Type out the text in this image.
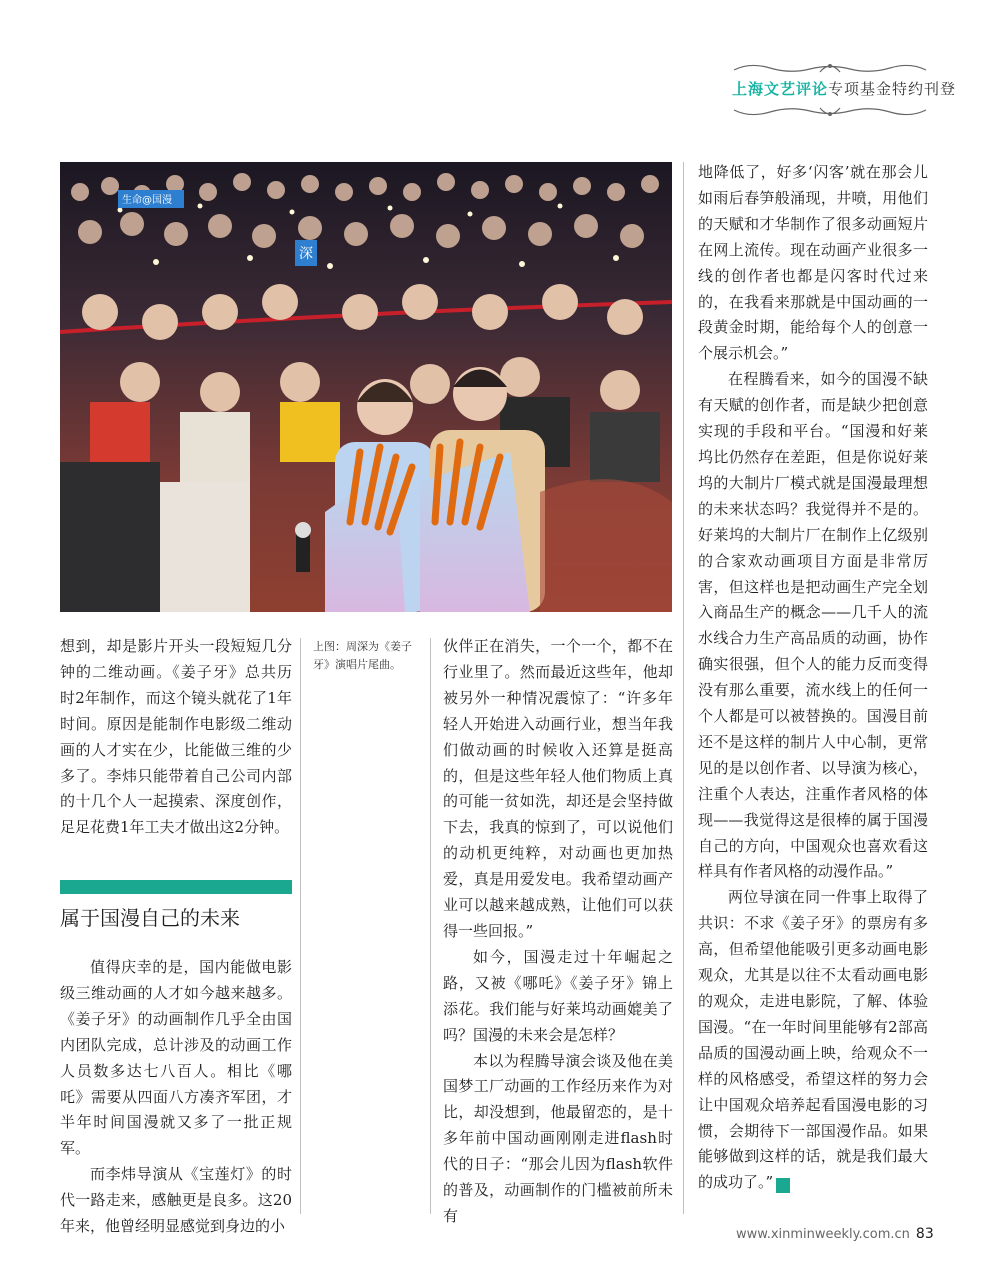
上海文艺评论专项基金特约刊登
生命@国漫
深
上图：周深为《姜子牙》演唱片尾曲。

想到，却是影片开头一段短短几分钟的二维动画。《姜子牙》总共历时2年制作，而这个镜头就花了1年时间。原因是能制作电影级二维动画的人才实在少，比能做三维的少多了。李炜只能带着自己公司内部的十几个人一起摸索、深度创作，足足花费1年工夫才做出这2分钟。

属于国漫自己的未来

值得庆幸的是，国内能做电影级三维动画的人才如今越来越多。《姜子牙》的动画制作几乎全由国内团队完成，总计涉及的动画工作人员数多达七八百人。相比《哪吒》需要从四面八方凑齐军团，才半年时间国漫就又多了一批正规军。

而李炜导演从《宝莲灯》的时代一路走来，感触更是良多。这20年来，他曾经明显感觉到身边的小

伙伴正在消失，一个一个，都不在行业里了。然而最近这些年，他却被另外一种情况震惊了：“许多年轻人开始进入动画行业，想当年我们做动画的时候收入还算是挺高的，但是这些年轻人他们物质上真的可能一贫如洗，却还是会坚持做下去，我真的惊到了，可以说他们的动机更纯粹，对动画也更加热爱，真是用爱发电。我希望动画产业可以越来越成熟，让他们可以获得一些回报。”

如今，国漫走过十年崛起之路，又被《哪吒》《姜子牙》锦上添花。我们能与好莱坞动画媲美了吗？国漫的未来会是怎样？

本以为程腾导演会谈及他在美国梦工厂动画的工作经历来作为对比，却没想到，他最留恋的，是十多年前中国动画刚刚走进flash时代的日子：“那会儿因为flash软件的普及，动画制作的门槛被前所未有

地降低了，好多‘闪客’就在那会儿如雨后春笋般涌现，井喷，用他们的天赋和才华制作了很多动画短片在网上流传。现在动画产业很多一线的创作者也都是闪客时代过来的，在我看来那就是中国动画的一段黄金时期，能给每个人的创意一个展示机会。”

在程腾看来，如今的国漫不缺有天赋的创作者，而是缺少把创意实现的手段和平台。“国漫和好莱坞比仍然存在差距，但是你说好莱坞的大制片厂模式就是国漫最理想的未来状态吗？我觉得并不是的。好莱坞的大制片厂在制作上亿级别的合家欢动画项目方面是非常厉害，但这样也是把动画生产完全划入商品生产的概念——几千人的流水线合力生产高品质的动画，协作确实很强，但个人的能力反而变得没有那么重要，流水线上的任何一个人都是可以被替换的。国漫目前还不是这样的制片人中心制，更常见的是以创作者、以导演为核心，注重个人表达，注重作者风格的体现——我觉得这是很棒的属于国漫自己的方向，中国观众也喜欢看这样具有作者风格的动漫作品。”

两位导演在同一件事上取得了共识：不求《姜子牙》的票房有多高，但希望他能吸引更多动画电影观众，尤其是以往不太看动画电影的观众，走进电影院，了解、体验国漫。“在一年时间里能够有2部高品质的国漫动画上映，给观众不一样的风格感受，希望这样的努力会让中国观众培养起看国漫电影的习惯，会期待下一部国漫作品。如果能够做到这样的话，就是我们最大的成功了。”	X

www.xinminweekly.com.cn 83
